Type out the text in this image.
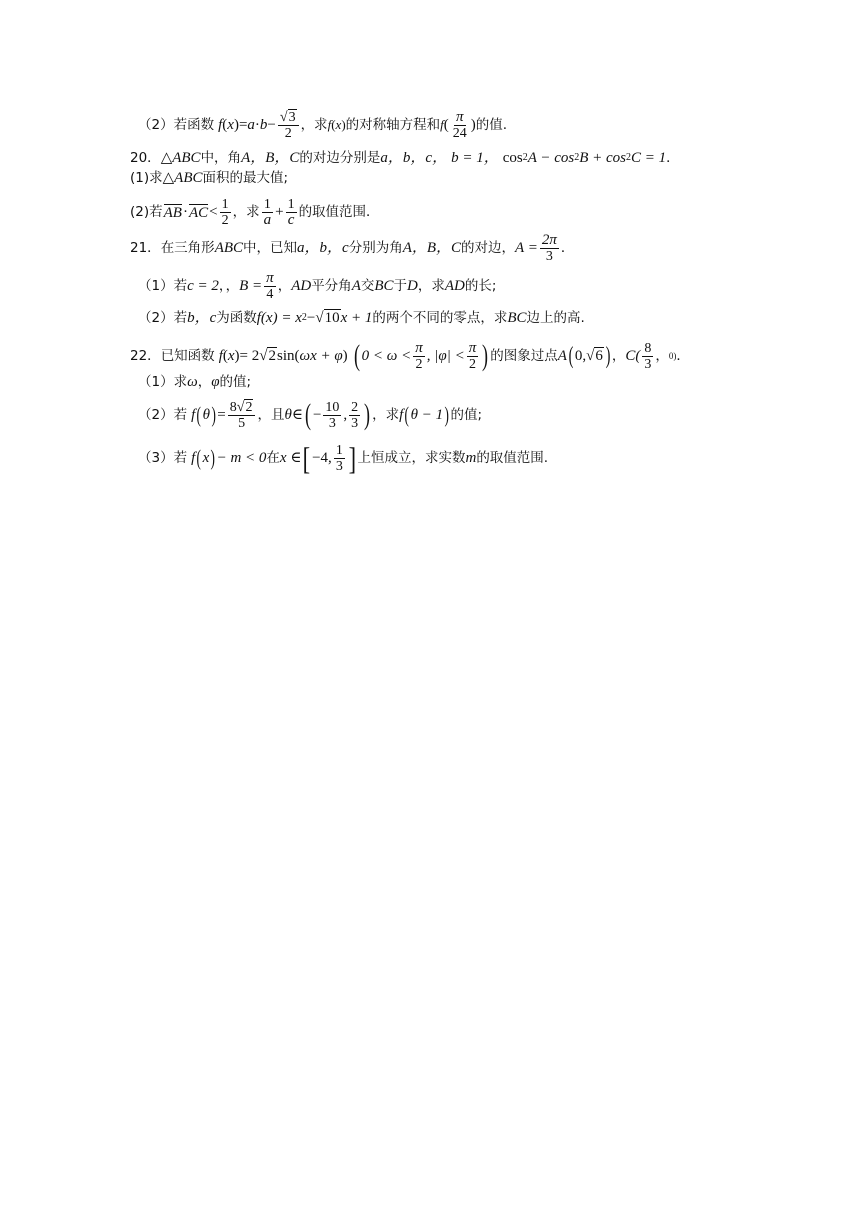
（2）若函数 f ( x ) = $a \cdot b - \frac{√3}{2}$ ，求 f ( x ) 的对称轴方程和 f ( $\frac{\pi}{24}$ ) 的值.
20． △ABC 中，角 A，B，C 的对边分别是 a，b，c， b = 1， cos 2 A − cos 2 B + cos 2 C = 1 ．
(1)求 △ABC 面积的最大值;
(2)若 AB · AC < $\frac{1}{2}$ ，求 $\frac{1}{a} + \frac{1}{c}$ 的取值范围．
21． 在三角形 ABC 中，已知 a，b，c 分别为角 A，B，C 的对边， $A = \frac{2\pi}{3}$ ．
（1）若 c = 2 ，， $B = \frac{\pi}{4}$ ， AD 平分角 A 交 BC 于 D ，求 AD 的长;
（2）若 b，c 为函数 f(x) = x 2 − √10 x + 1 的两个不同的零点，求 BC 边上的高.
22． 已知函数 f ( x ) = 2 √2 sin ( ωx + φ ) ( $0 < \omega < \frac{\pi}{2}$ , $|\varphi| < \frac{\pi}{2}$ ) 的图象过点 A ( 0, √6 ) ， $C( \frac{8}{3}$ ， 0) ．
（1）求 ω ， φ 的值;
（2）若 f ( θ ) = $\frac{8√2}{5}$ ，且 θ ∈ ( − $\frac{10}{3}$ , $\frac{2}{3}$ ) ，求 f ( θ − 1 ) 的值;
（3）若 f ( x ) − m < 0 在 x ∈ [ −4, $\frac{1}{3}$ ] 上恒成立，求实数 m 的取值范围.
